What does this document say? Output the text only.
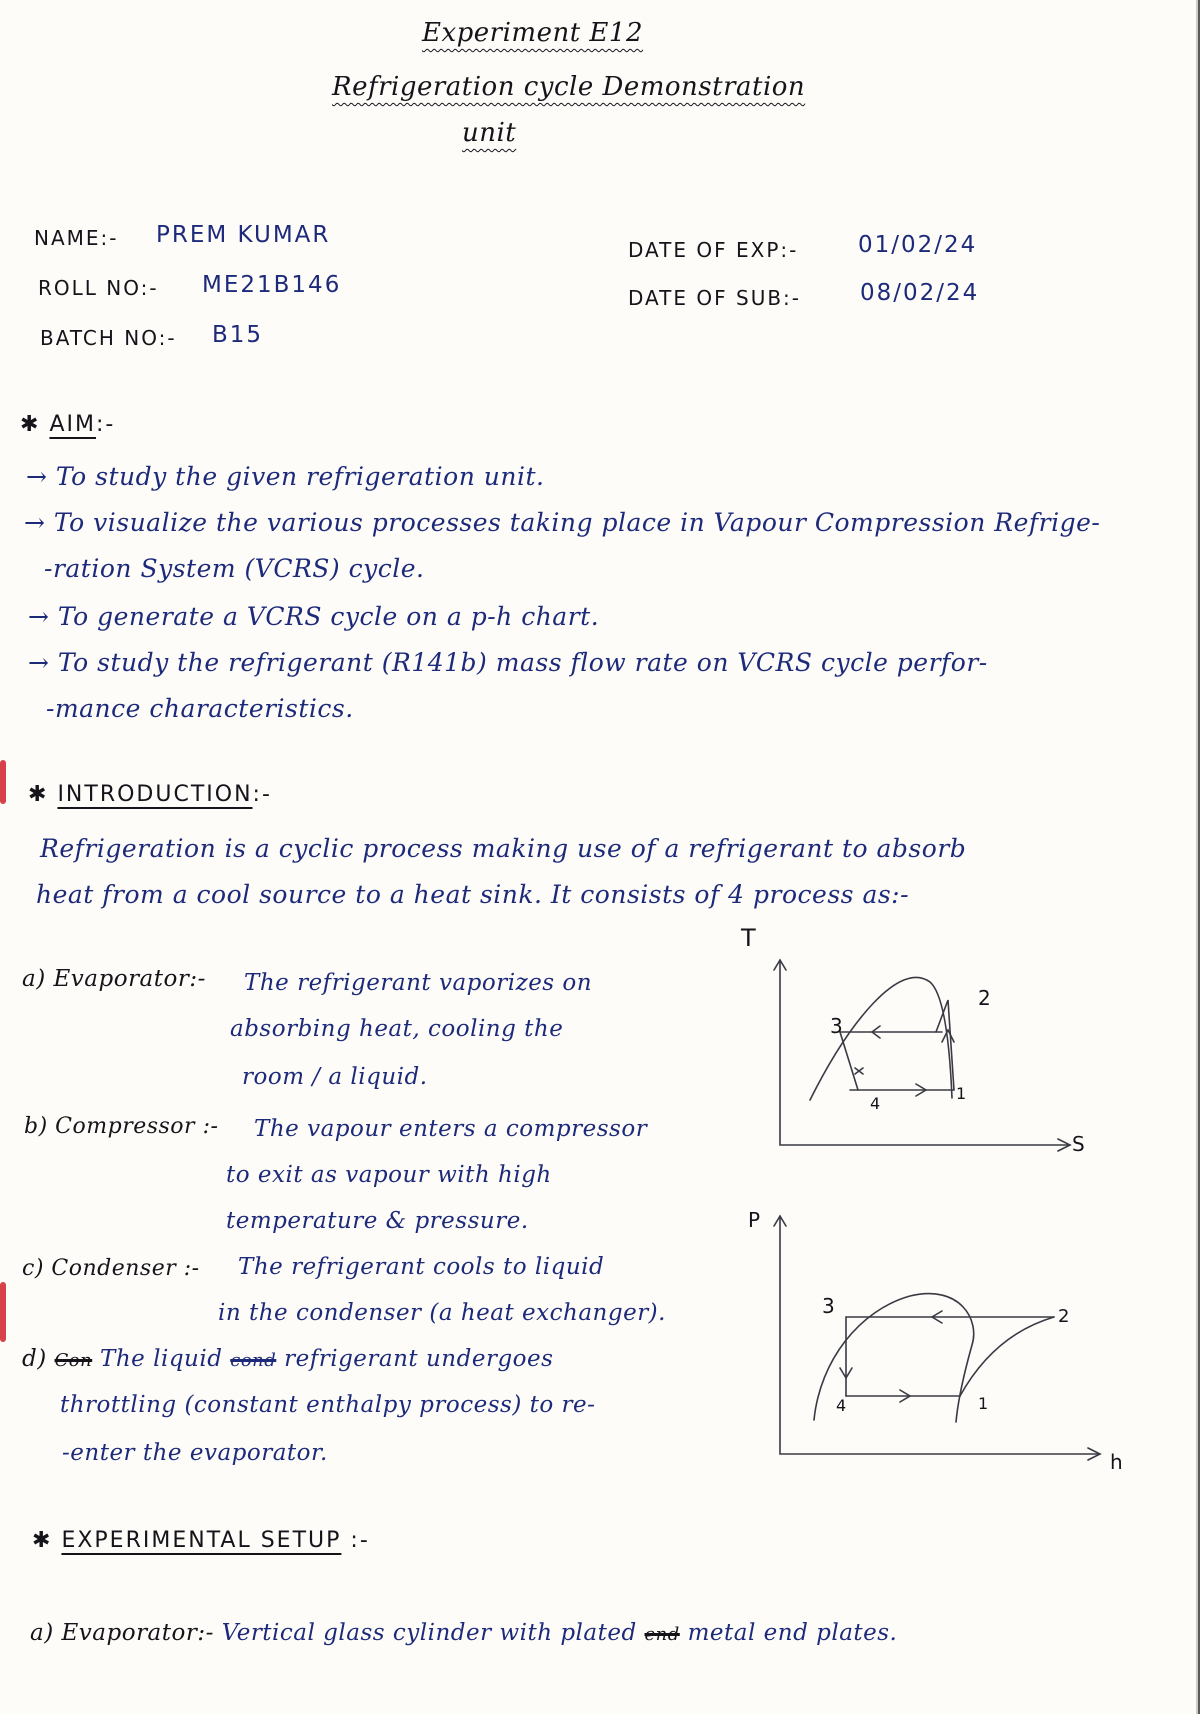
Experiment E12
Refrigeration cycle Demonstration
unit
NAME:- PREM KUMAR
ROLL NO:- ME21B146
BATCH NO:- B15
DATE OF EXP:-	01/02/24
DATE OF SUB:-	08/02/24
✱ AIM:-
→ To study the given refrigeration unit.
→ To visualize the various processes taking place in Vapour Compression Refrige-
-ration System (VCRS) cycle.
→ To generate a VCRS cycle on a p-h chart.
→ To study the refrigerant (R141b) mass flow rate on VCRS cycle perfor-
-mance characteristics.
✱ INTRODUCTION:-
Refrigeration is a cyclic process making use of a refrigerant to absorb
heat from a cool source to a heat sink. It consists of 4 process as:-
a) Evaporator:- The refrigerant vaporizes on
absorbing heat, cooling the
room / a liquid.
b) Compressor :- The vapour enters a compressor
to exit as vapour with high
temperature & pressure.
c) Condenser :- The refrigerant cools to liquid
in the condenser (a heat exchanger).
d) Con The liquid cond refrigerant undergoes
throttling (constant enthalpy process) to re-
-enter the evaporator.
T
S
1
2
3
4
P
h
1
2
3
4
✱ EXPERIMENTAL SETUP :-
a) Evaporator:- Vertical glass cylinder with plated end metal end plates.
